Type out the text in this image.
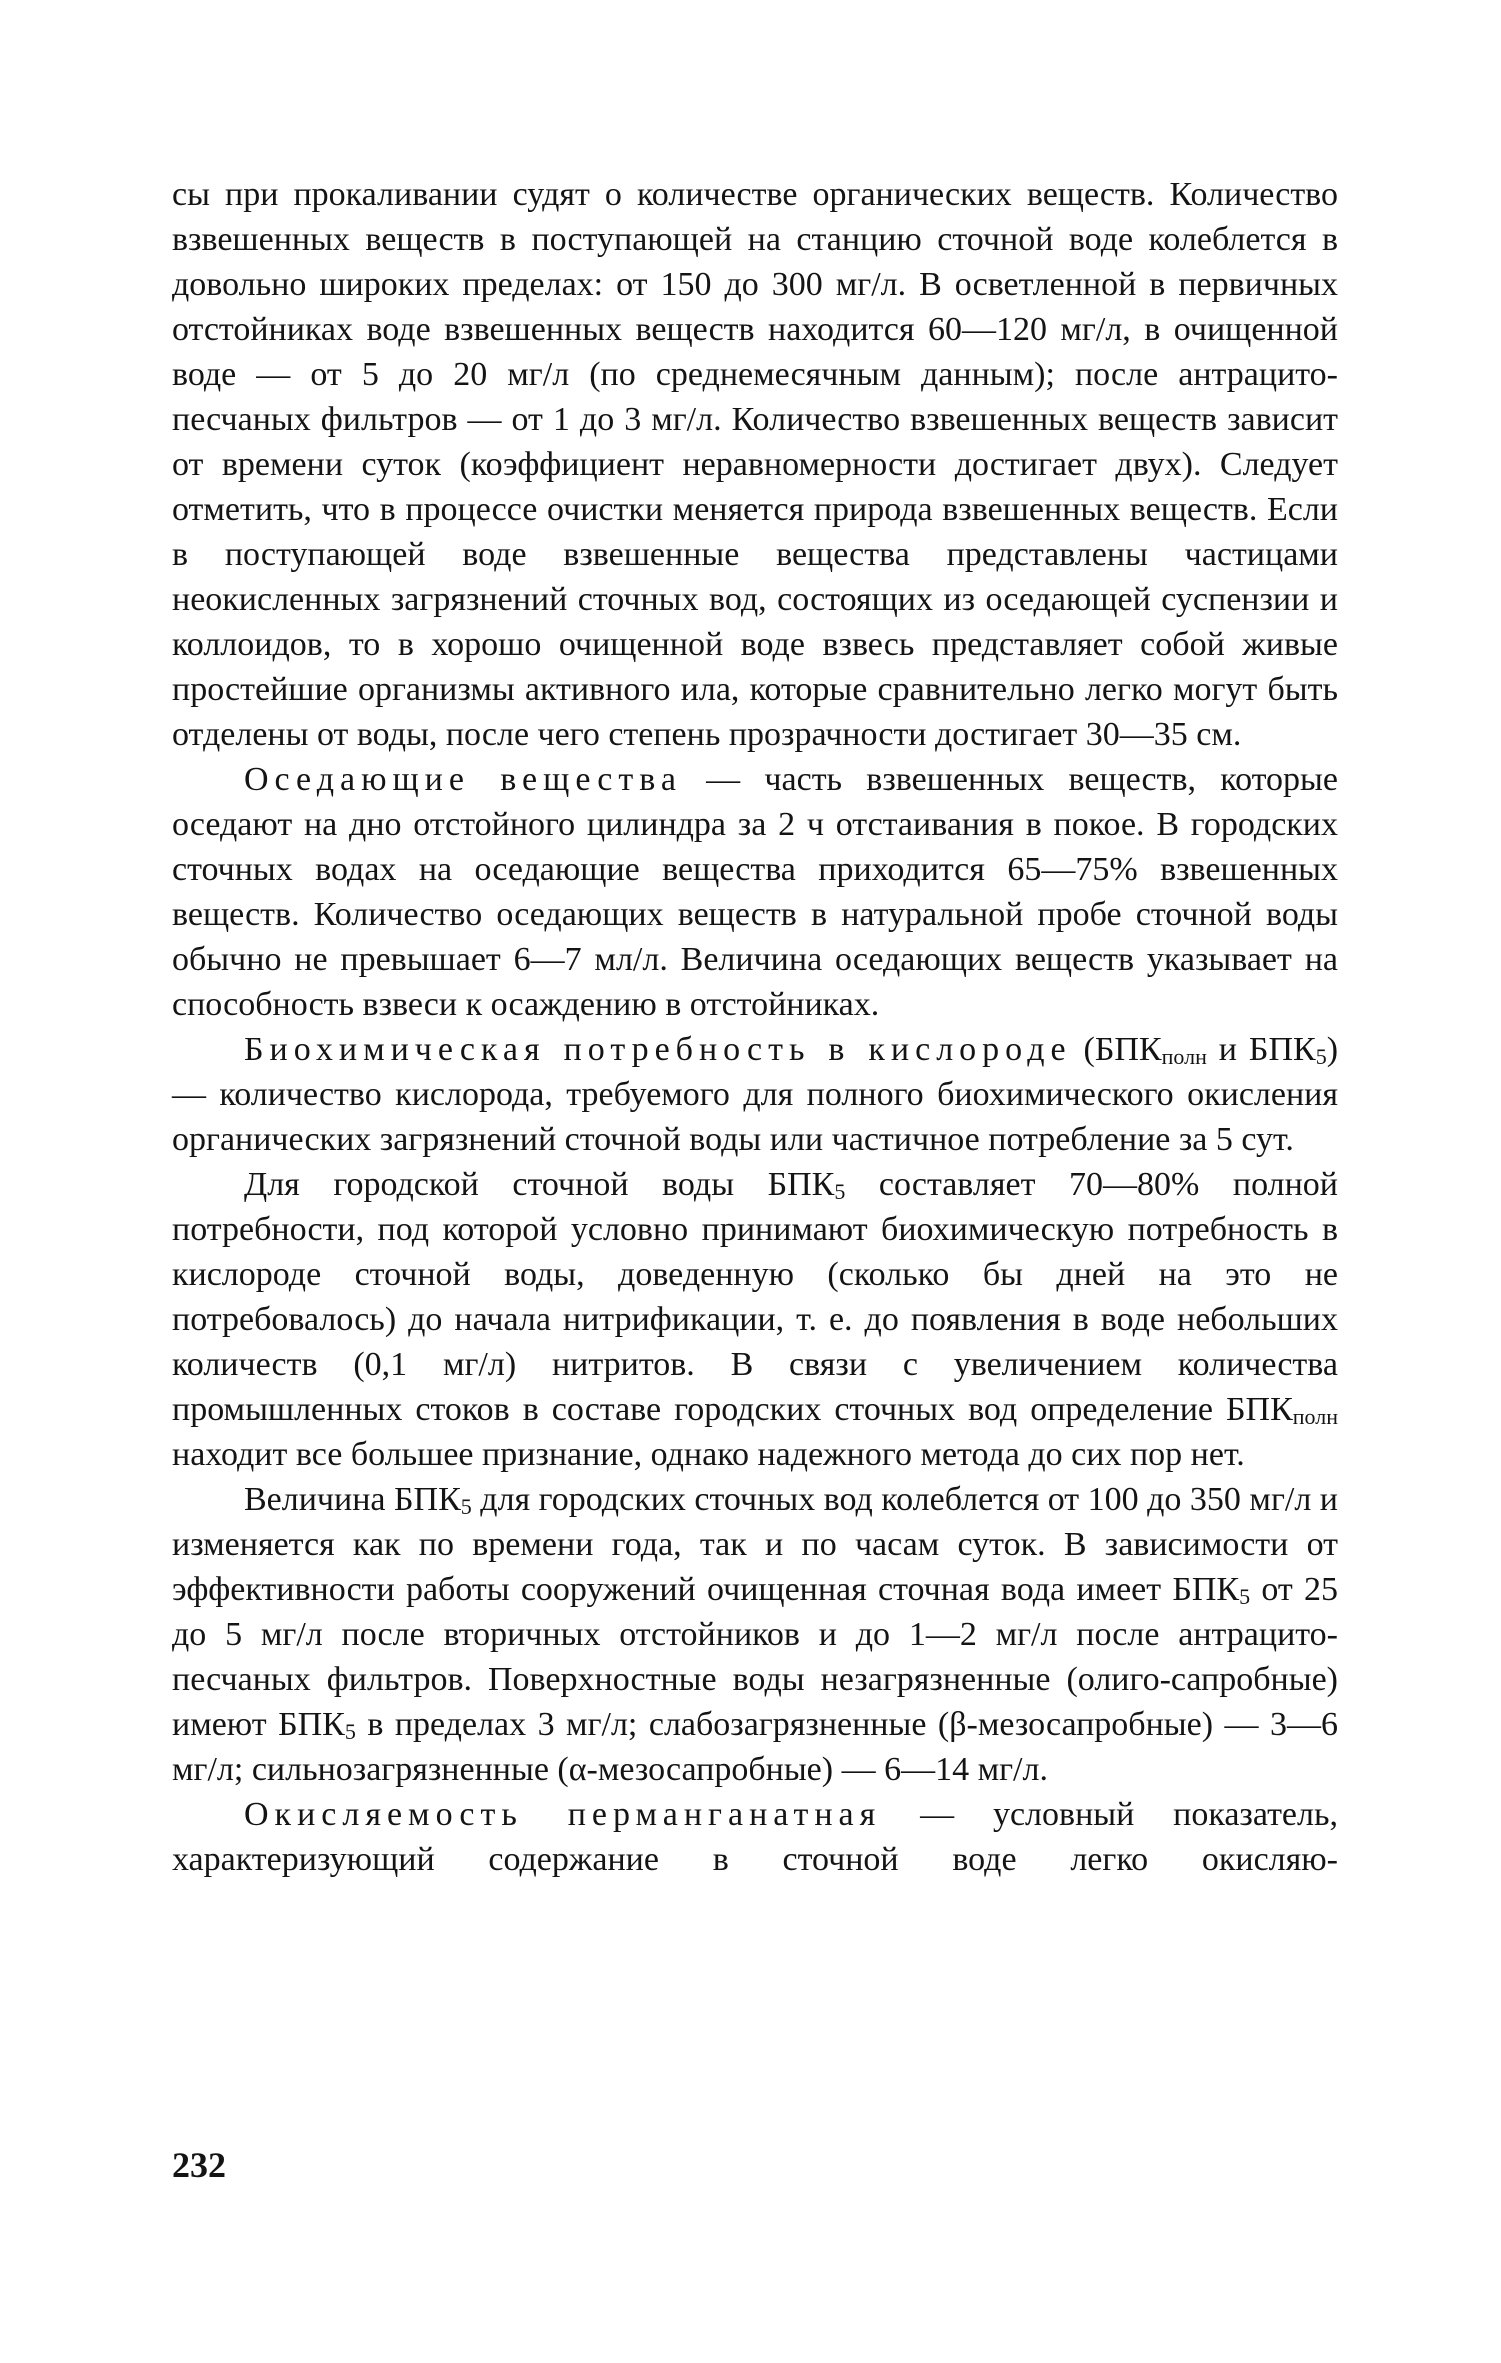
сы при прокаливании судят о количестве органических веществ. Количество взвешенных веществ в поступающей на станцию сточной воде колеблется в довольно широких пределах: от 150 до 300 мг/л. В осветленной в первичных отстойниках воде взвешенных веществ находится 60—120 мг/л, в очищенной воде — от 5 до 20 мг/л (по среднемесячным данным); после антрацито-песчаных фильтров — от 1 до 3 мг/л. Количество взвешенных веществ зависит от времени суток (коэффициент неравномерности достигает двух). Следует отметить, что в процессе очистки меняется природа взвешенных веществ. Если в поступающей воде взвешенные вещества представлены частицами неокисленных загрязнений сточных вод, состоящих из оседающей суспензии и коллоидов, то в хорошо очищенной воде взвесь представляет собой живые простейшие организмы активного ила, которые сравнительно легко могут быть отделены от воды, после чего степень прозрачности достигает 30—35 см.

Оседающие вещества — часть взвешенных веществ, которые оседают на дно отстойного цилиндра за 2 ч отстаивания в покое. В городских сточных водах на оседающие вещества приходится 65—75% взвешенных веществ. Количество оседающих веществ в натуральной пробе сточной воды обычно не превышает 6—7 мл/л. Величина оседающих веществ указывает на способность взвеси к осаждению в отстойниках.

Биохимическая потребность в кислороде ($БПК_{полн}$ и $БПК_5$) — количество кислорода, требуемого для полного биохимического окисления органических загрязнений сточной воды или частичное потребление за 5 сут.

Для городской сточной воды $БПК_5$ составляет 70—80% полной потребности, под которой условно принимают биохимическую потребность в кислороде сточной воды, доведенную (сколько бы дней на это не потребовалось) до начала нитрификации, т. е. до появления в воде небольших количеств (0,1 мг/л) нитритов. В связи с увеличением количества промышленных стоков в составе городских сточных вод определение $БПК_{полн}$ находит все большее признание, однако надежного метода до сих пор нет.

Величина $БПК_5$ для городских сточных вод колеблется от 100 до 350 мг/л и изменяется как по времени года, так и по часам суток. В зависимости от эффективности работы сооружений очищенная сточная вода имеет $БПК_5$ от 25 до 5 мг/л после вторичных отстойников и до 1—2 мг/л после антрацито-песчаных фильтров. Поверхностные воды незагрязненные (олиго-сапробные) имеют $БПК_5$ в пределах 3 мг/л; слабозагрязненные (β-мезосапробные) — 3—6 мг/л; сильнозагрязненные (α-мезосапробные) — 6—14 мг/л.

Окисляемость перманганатная — условный показатель, характеризующий содержание в сточной воде легко окисляю-

232
